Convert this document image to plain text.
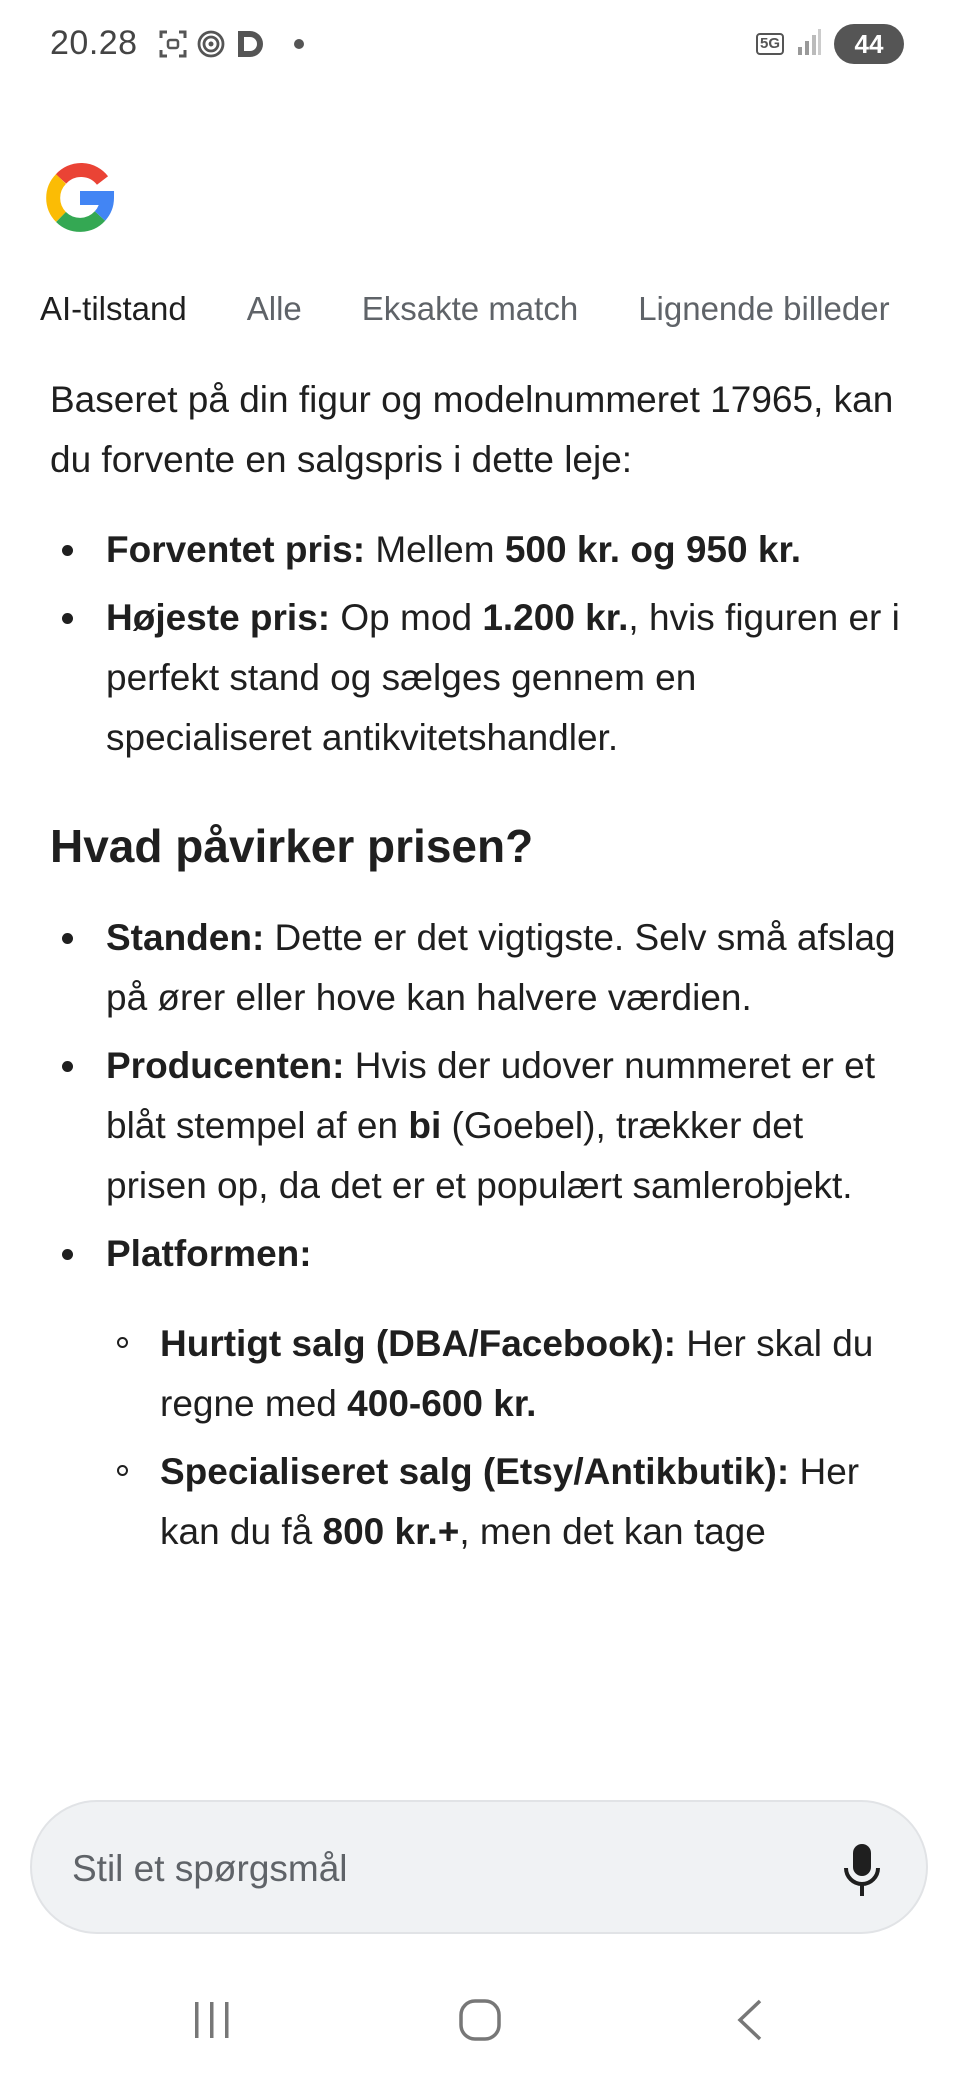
20.28	5G	44
AI-tilstand Alle Eksakte match Lignende billeder

Baseret på din figur og modelnummeret 17965, kan du forvente en salgspris i dette leje:

Forventet pris: Mellem 500 kr. og 950 kr.
Højeste pris: Op mod 1.200 kr., hvis figuren er i perfekt stand og sælges gennem en specialiseret antikvitetshandler.
Hvad påvirker prisen?
Standen: Dette er det vigtigste. Selv små afslag på ører eller hove kan halvere værdien.
Producenten: Hvis der udover nummeret er et blåt stempel af en bi (Goebel), trækker det prisen op, da det er et populært samlerobjekt.
Platformen:
Hurtigt salg (DBA/Facebook): Her skal du regne med 400-600 kr.
Specialiseret salg (Etsy/Antikbutik): Her kan du få 800 kr.+, men det kan tage
Stil et spørgsmål
